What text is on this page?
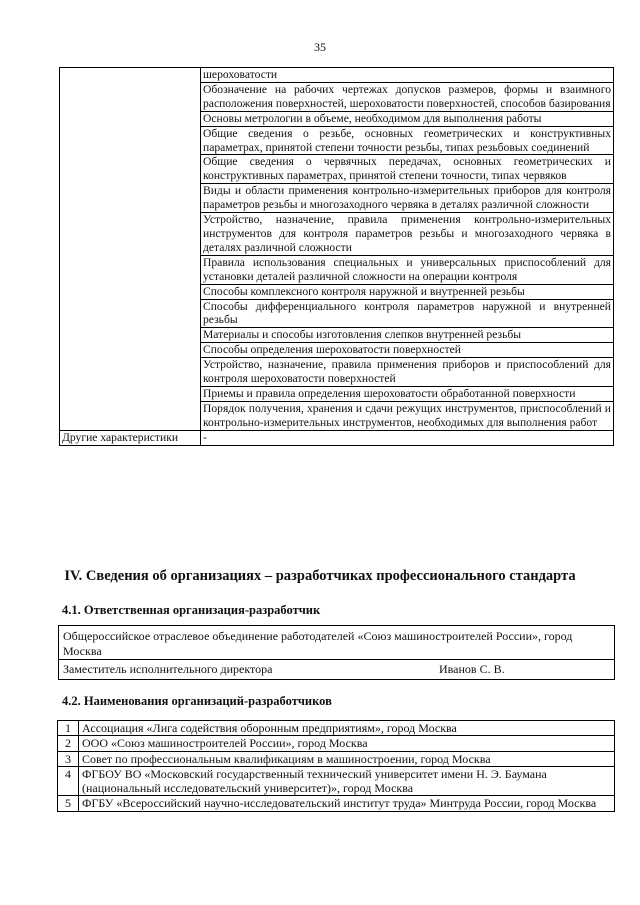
35
	шероховатости
	Обозначение на рабочих чертежах допусков размеров, формы и взаимного расположения поверхностей, шероховатости поверхностей, способов базирования
	Основы метрологии в объеме, необходимом для выполнения работы
	Общие сведения о резьбе, основных геометрических и конструктивных параметрах, принятой степени точности резьбы, типах резьбовых соединений
	Общие сведения о червячных передачах, основных геометрических и конструктивных параметрах, принятой степени точности, типах червяков
	Виды и области применения контрольно-измерительных приборов для контроля параметров резьбы и многозаходного червяка в деталях различной сложности
	Устройство, назначение, правила применения контрольно-измерительных инструментов для контроля параметров резьбы и многозаходного червяка в деталях различной сложности
	Правила использования специальных и универсальных приспособлений для установки деталей различной сложности на операции контроля
	Способы комплексного контроля наружной и внутренней резьбы
	Способы дифференциального контроля параметров наружной и внутренней резьбы
	Материалы и способы изготовления слепков внутренней резьбы
	Способы определения шероховатости поверхностей
	Устройство, назначение, правила применения приборов и приспособлений для контроля шероховатости поверхностей
	Приемы и правила определения шероховатости обработанной поверхности
	Порядок получения, хранения и сдачи режущих инструментов, приспособлений и контрольно-измерительных инструментов, необходимых для выполнения работ
Другие характеристики	-
IV. Сведения об организациях – разработчиках профессионального стандарта
4.1. Ответственная организация-разработчик
Общероссийское отраслевое объединение работодателей «Союз машиностроителей России», город Москва
Заместитель исполнительного директора	Иванов С. В.
4.2. Наименования организаций-разработчиков
1	Ассоциация «Лига содействия оборонным предприятиям», город Москва
2	ООО «Союз машиностроителей России», город Москва
3	Совет по профессиональным квалификациям в машиностроении, город Москва
4	ФГБОУ ВО «Московский государственный технический университет имени Н. Э. Баумана (национальный исследовательский университет)», город Москва
5	ФГБУ «Всероссийский научно-исследовательский институт труда» Минтруда России, город Москва
